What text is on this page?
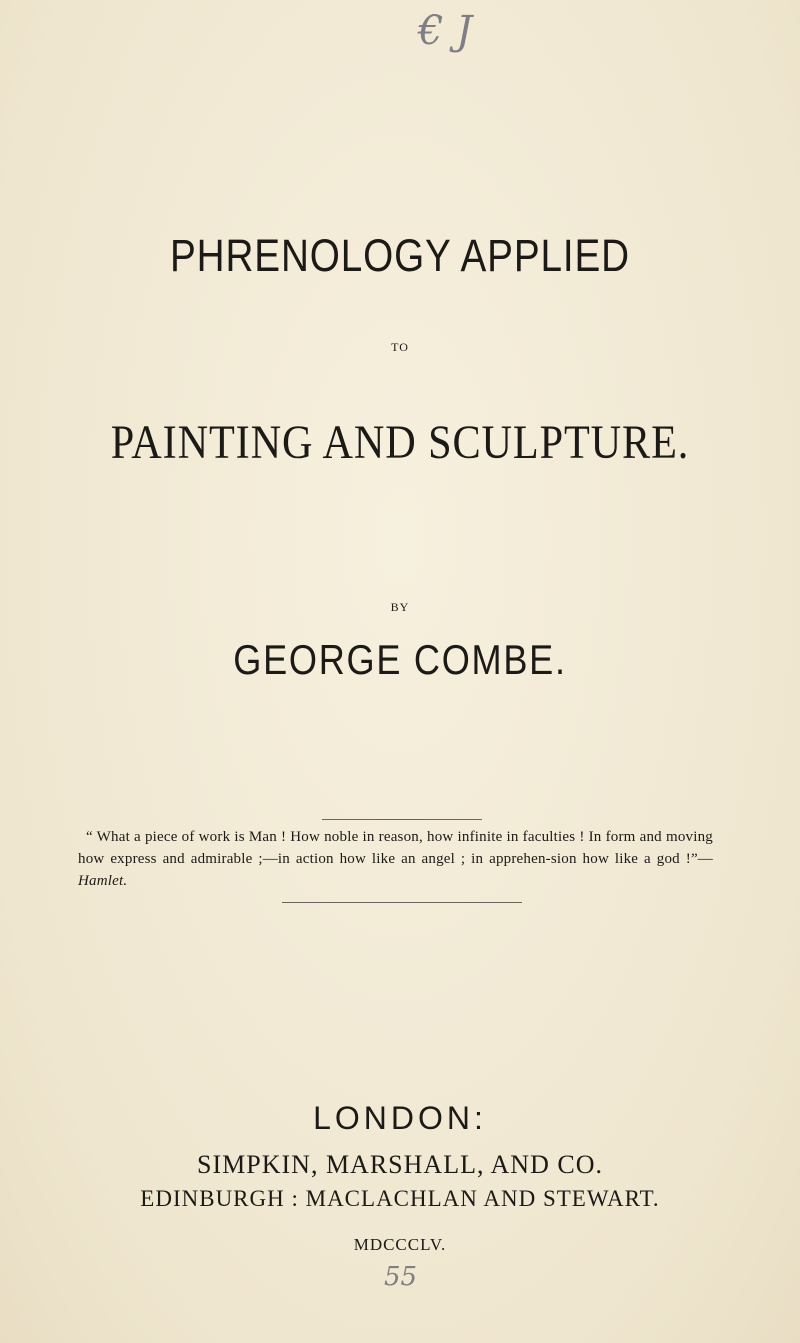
€ J
PHRENOLOGY APPLIED
TO
PAINTING AND SCULPTURE.
BY
GEORGE COMBE.
“ What a piece of work is Man ! How noble in reason, how infinite in faculties ! In form and moving how express and admirable ;—in action how like an angel ; in apprehen-sion how like a god !”—Hamlet.
LONDON:
SIMPKIN, MARSHALL, AND CO.
EDINBURGH : MACLACHLAN AND STEWART.
MDCCCLV.
55
